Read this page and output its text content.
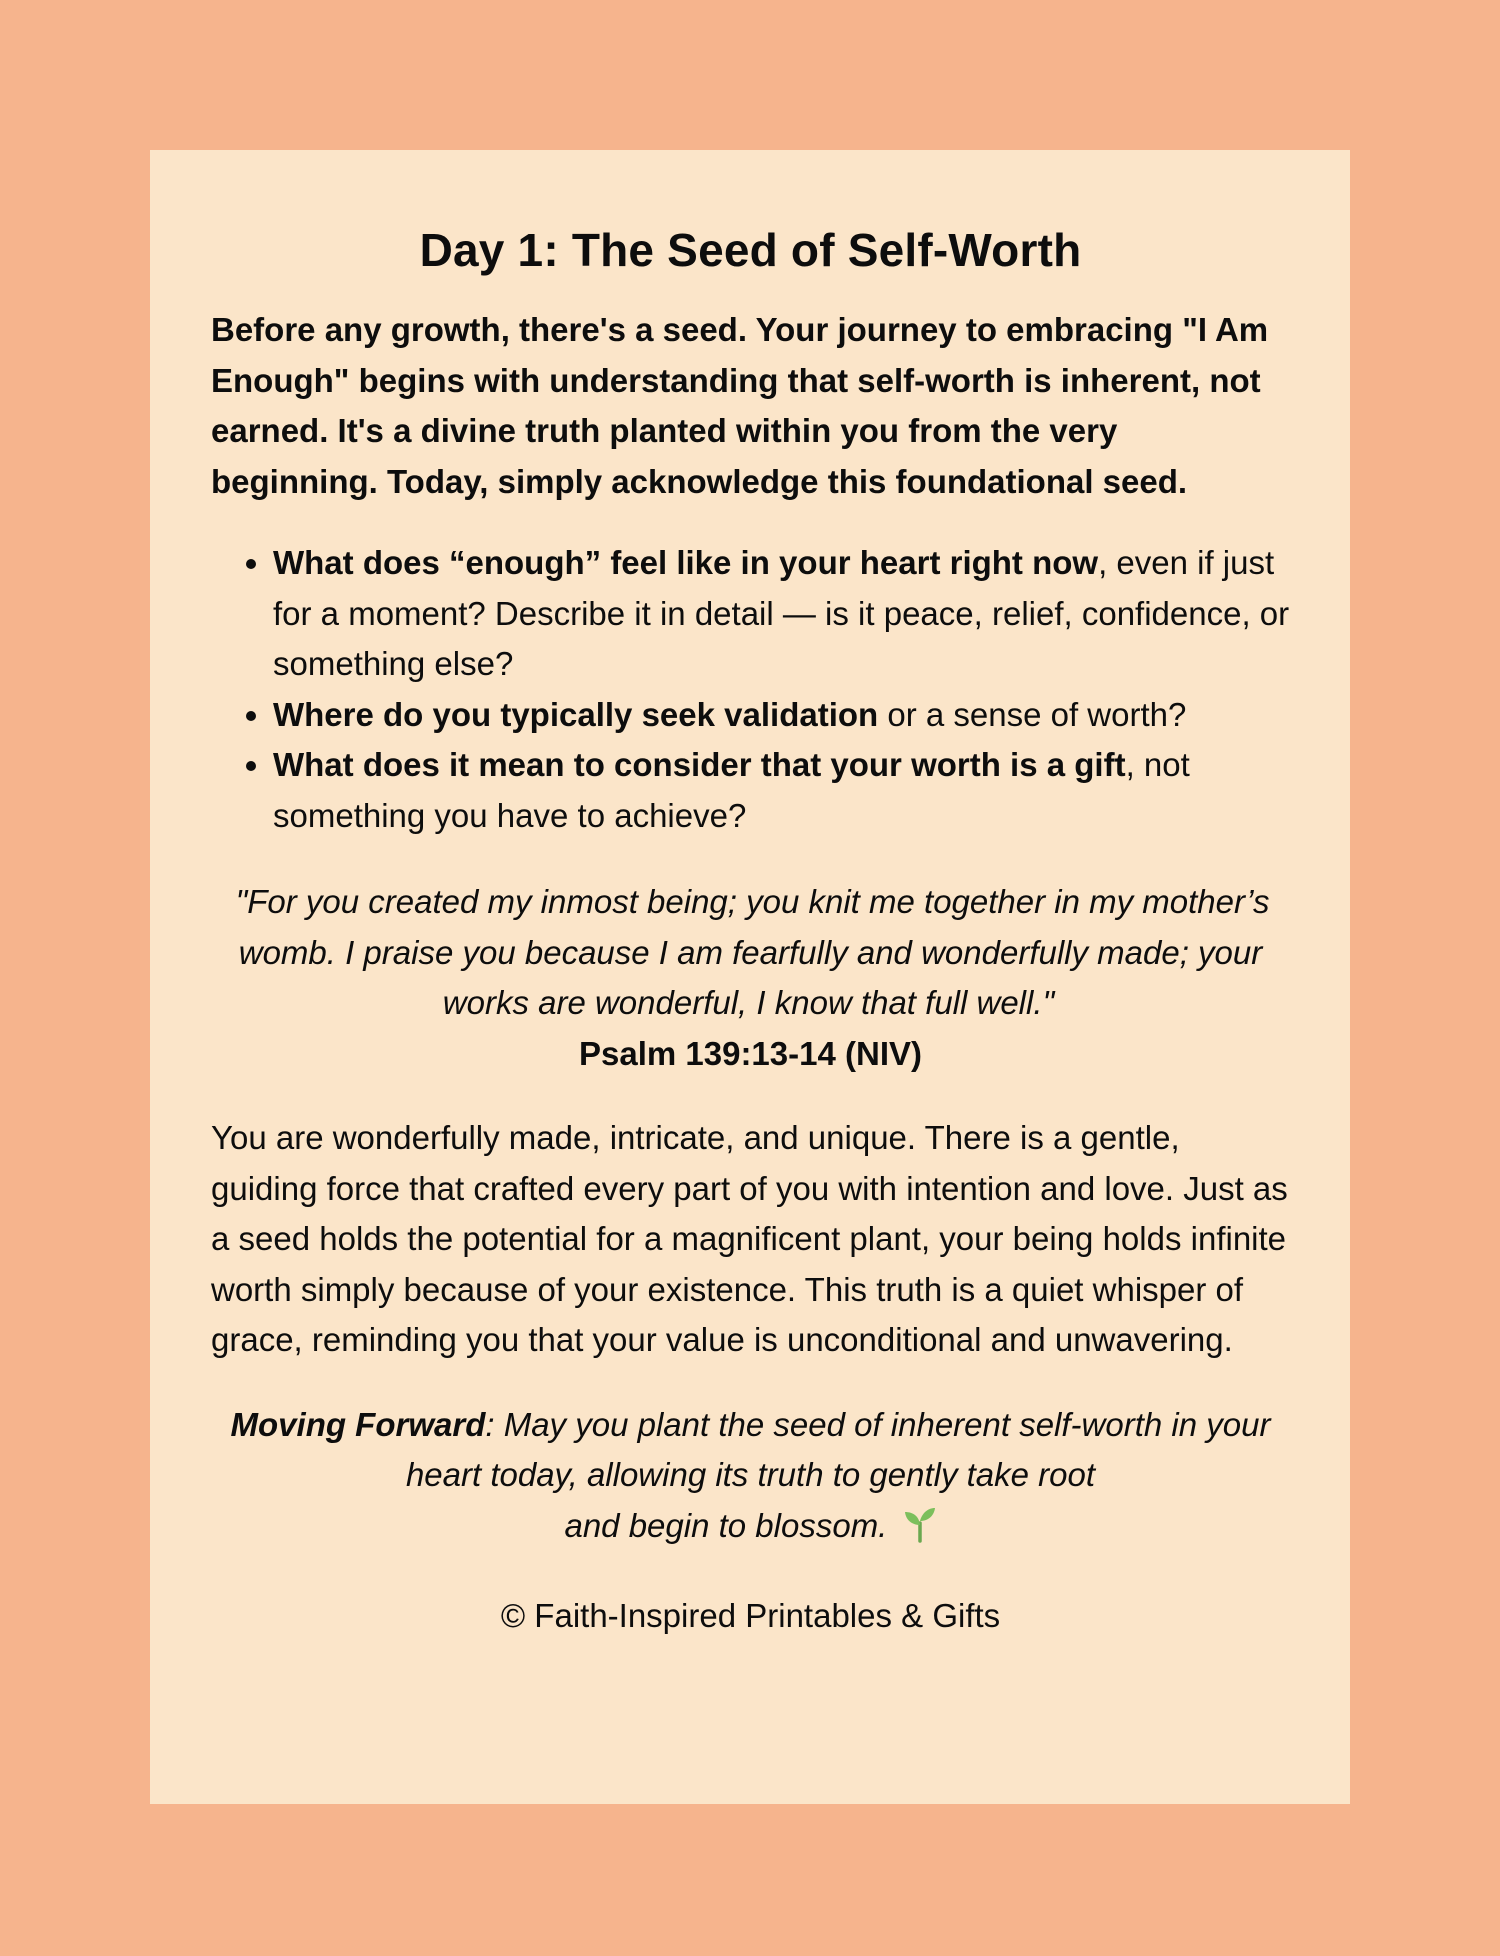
Day 1: The Seed of Self-Worth

Before any growth, there's a seed. Your journey to embracing "I Am Enough" begins with understanding that self-worth is inherent, not earned. It's a divine truth planted within you from the very beginning. Today, simply acknowledge this foundational seed.

• What does “enough” feel like in your heart right now, even if just for a moment? Describe it in detail — is it peace, relief, confidence, or something else?
• Where do you typically seek validation or a sense of worth?
• What does it mean to consider that your worth is a gift, not something you have to achieve?

"For you created my inmost being; you knit me together in my mother’s womb. I praise you because I am fearfully and wonderfully made; your works are wonderful, I know that full well."
Psalm 139:13-14 (NIV)

You are wonderfully made, intricate, and unique. There is a gentle, guiding force that crafted every part of you with intention and love. Just as a seed holds the potential for a magnificent plant, your being holds infinite worth simply because of your existence. This truth is a quiet whisper of grace, reminding you that your value is unconditional and unwavering.

Moving Forward: May you plant the seed of inherent self-worth in your heart today, allowing its truth to gently take root
and begin to blossom.

© Faith-Inspired Printables & Gifts
